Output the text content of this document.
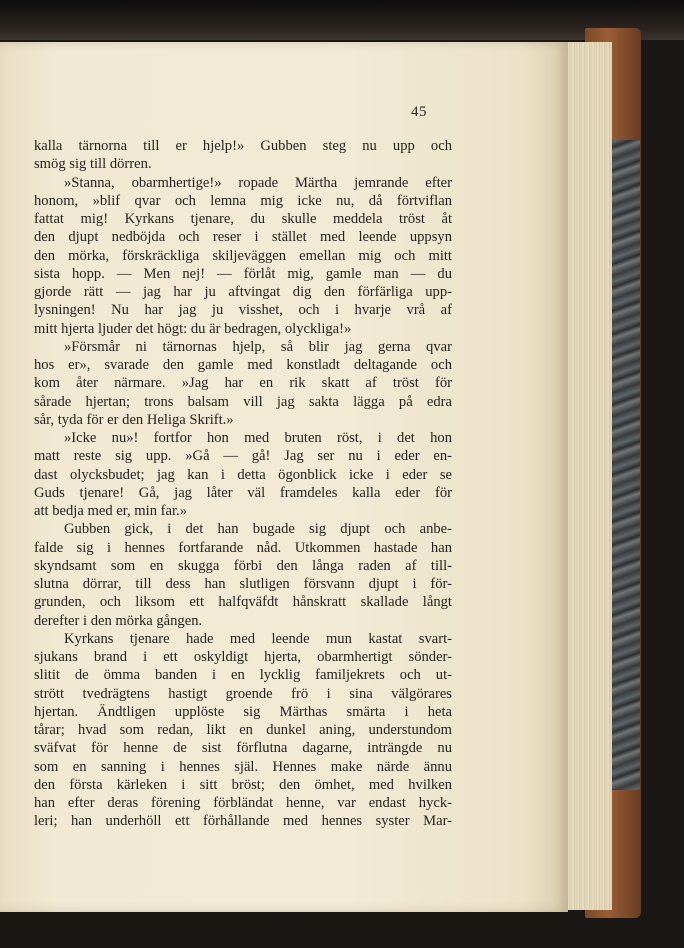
45
kalla tärnorna till er hjelp!» Gubben steg nu upp och
smög sig till dörren.
»Stanna, obarmhertige!» ropade Märtha jemrande efter
honom, »blif qvar och lemna mig icke nu, då förtviflan
fattat mig! Kyrkans tjenare, du skulle meddela tröst åt
den djupt nedböjda och reser i stället med leende uppsyn
den mörka, förskräckliga skiljeväggen emellan mig och mitt
sista hopp. — Men nej! — förlåt mig, gamle man — du
gjorde rätt — jag har ju aftvingat dig den förfärliga upp-
lysningen! Nu har jag ju visshet, och i hvarje vrå af
mitt hjerta ljuder det högt: du är bedragen, olyckliga!»
»Försmår ni tärnornas hjelp, så blir jag gerna qvar
hos er», svarade den gamle med konstladt deltagande och
kom åter närmare. »Jag har en rik skatt af tröst för
sårade hjertan; trons balsam vill jag sakta lägga på edra
sår, tyda för er den Heliga Skrift.»
»Icke nu»! fortfor hon med bruten röst, i det hon
matt reste sig upp. »Gå — gå! Jag ser nu i eder en-
dast olycksbudet; jag kan i detta ögonblick icke i eder se
Guds tjenare! Gå, jag låter väl framdeles kalla eder för
att bedja med er, min far.»
Gubben gick, i det han bugade sig djupt och anbe-
falde sig i hennes fortfarande nåd. Utkommen hastade han
skyndsamt som en skugga förbi den långa raden af till-
slutna dörrar, till dess han slutligen försvann djupt i för-
grunden, och liksom ett halfqväfdt hånskratt skallade långt
derefter i den mörka gången.
Kyrkans tjenare hade med leende mun kastat svart-
sjukans brand i ett oskyldigt hjerta, obarmhertigt sönder-
slitit de ömma banden i en lycklig familjekrets och ut-
strött tvedrägtens hastigt groende frö i sina välgörares
hjertan. Ändtligen upplöste sig Märthas smärta i heta
tårar; hvad som redan, likt en dunkel aning, understundom
sväfvat för henne de sist förflutna dagarne, inträngde nu
som en sanning i hennes själ. Hennes make närde ännu
den första kärleken i sitt bröst; den ömhet, med hvilken
han efter deras förening förbländat henne, var endast hyck-
leri; han underhöll ett förhållande med hennes syster Mar-
